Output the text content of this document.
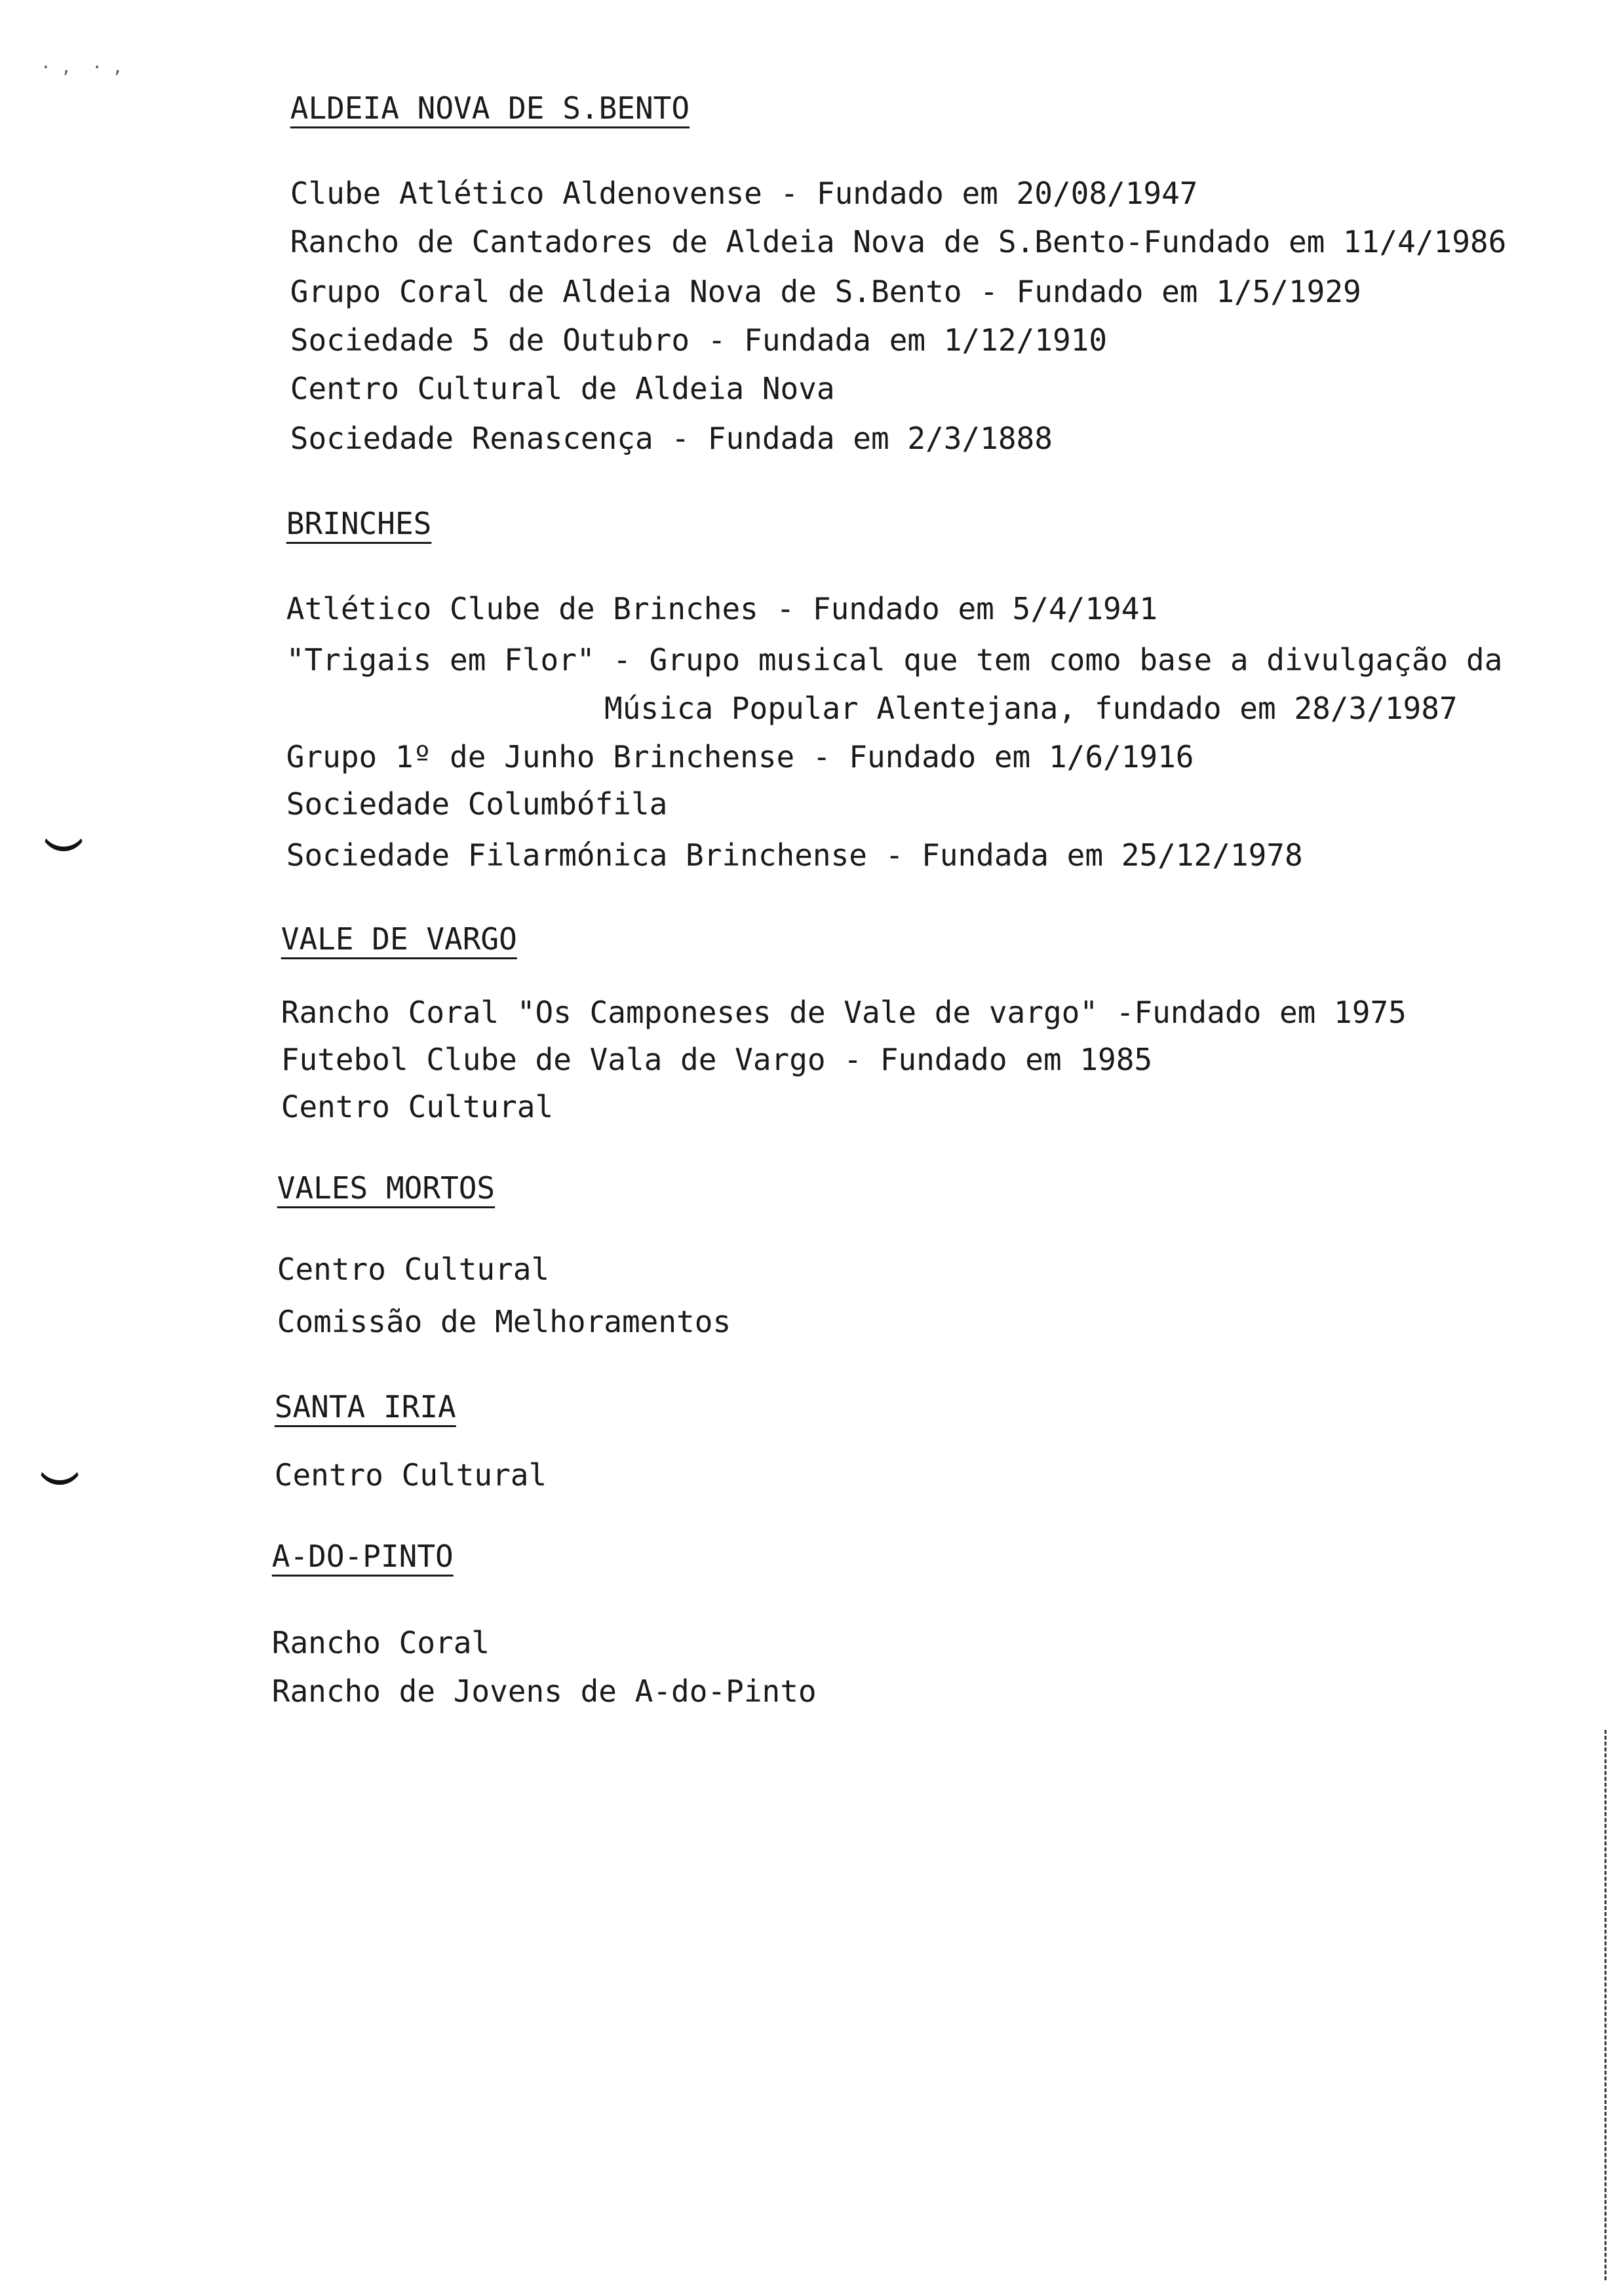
· ,  · ,

ALDEIA NOVA DE S.BENTO

Clube Atlético Aldenovense - Fundado em 20/08/1947

Rancho de Cantadores de Aldeia Nova de S.Bento-Fundado em 11/4/1986

Grupo Coral de Aldeia Nova de S.Bento - Fundado em 1/5/1929

Sociedade 5 de Outubro - Fundada em 1/12/1910

Centro Cultural de Aldeia Nova

Sociedade Renascença - Fundada em 2/3/1888

BRINCHES

Atlético Clube de Brinches - Fundado em 5/4/1941

"Trigais em Flor" - Grupo musical que tem como base a divulgação da

Música Popular Alentejana, fundado em 28/3/1987

Grupo 1º de Junho Brinchense - Fundado em 1/6/1916

Sociedade Columbófila

Sociedade Filarmónica Brinchense - Fundada em 25/12/1978

VALE DE VARGO

Rancho Coral "Os Camponeses de Vale de vargo" -Fundado em 1975

Futebol Clube de Vala de Vargo - Fundado em 1985

Centro Cultural

VALES MORTOS

Centro Cultural

Comissão de Melhoramentos

SANTA IRIA

Centro Cultural

A-DO-PINTO

Rancho Coral

Rancho de Jovens de A-do-Pinto
